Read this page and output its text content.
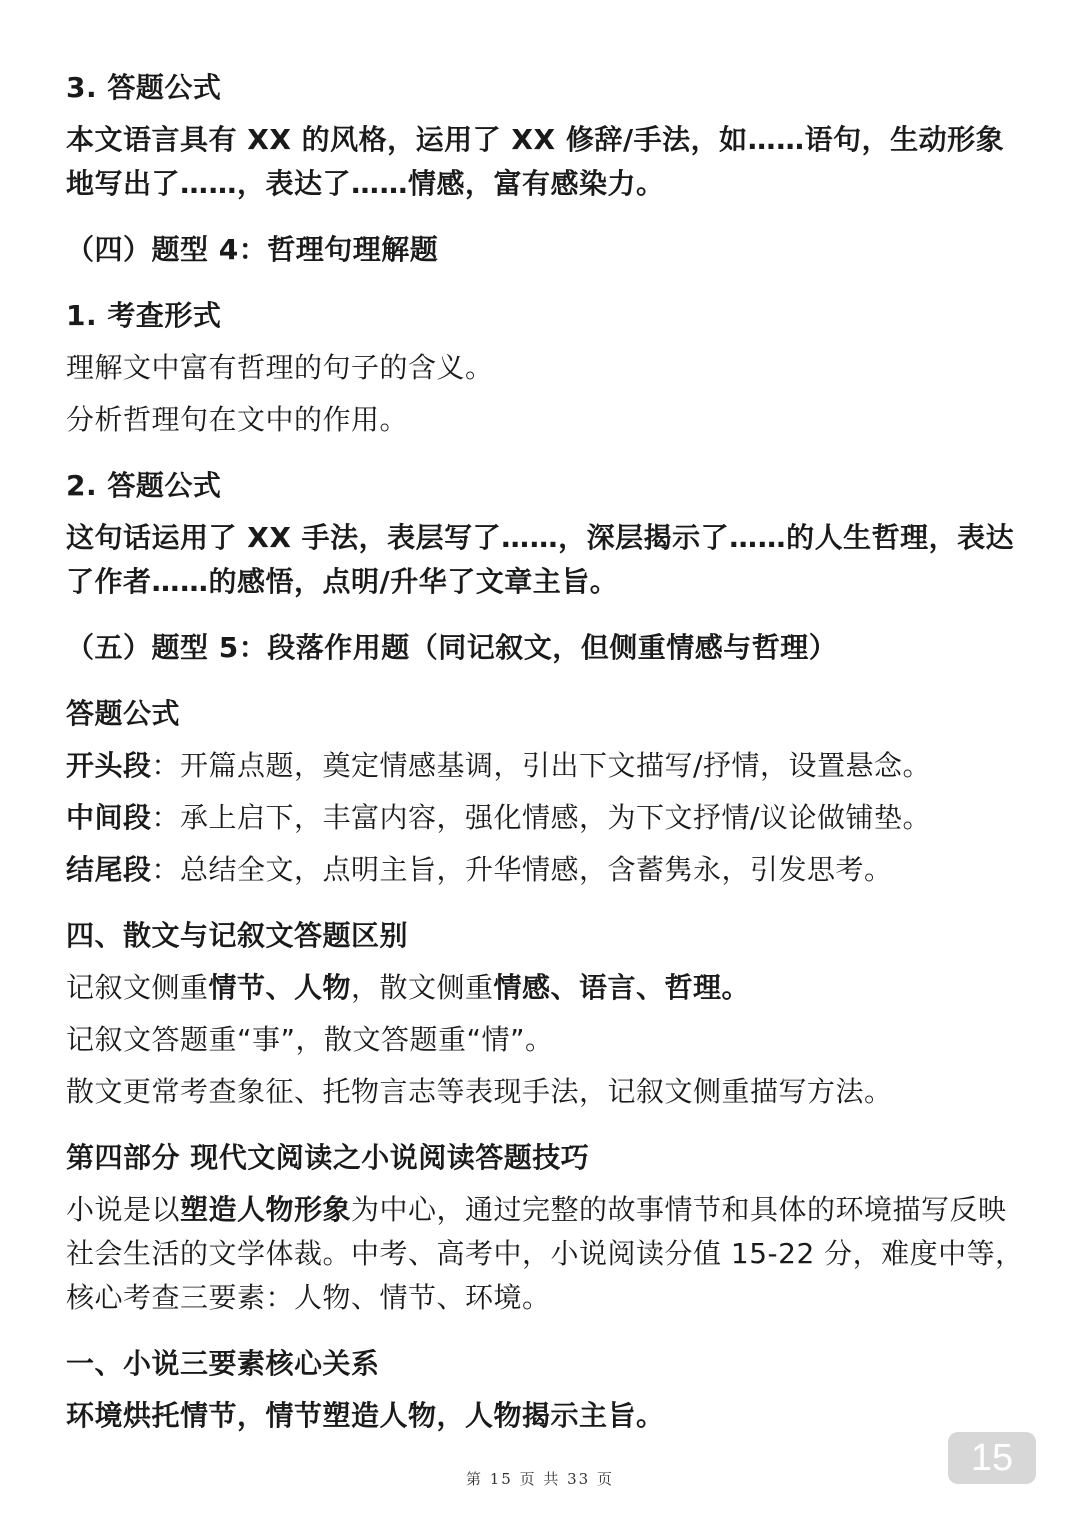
3. 答题公式

本文语言具有 XX 的风格，运用了 XX 修辞/手法，如……语句，生动形象地写出了……，表达了……情感，富有感染力。

（四）题型 4：哲理句理解题

1. 考查形式

理解文中富有哲理的句子的含义。

分析哲理句在文中的作用。

2. 答题公式

这句话运用了 XX 手法，表层写了……，深层揭示了……的人生哲理，表达了作者……的感悟，点明/升华了文章主旨。

（五）题型 5：段落作用题（同记叙文，但侧重情感与哲理）

答题公式

开头段：开篇点题，奠定情感基调，引出下文描写/抒情，设置悬念。

中间段：承上启下，丰富内容，强化情感，为下文抒情/议论做铺垫。

结尾段：总结全文，点明主旨，升华情感，含蓄隽永，引发思考。

四、散文与记叙文答题区别

记叙文侧重情节、人物，散文侧重情感、语言、哲理。

记叙文答题重“事”，散文答题重“情”。

散文更常考查象征、托物言志等表现手法，记叙文侧重描写方法。

第四部分 现代文阅读之小说阅读答题技巧

小说是以塑造人物形象为中心，通过完整的故事情节和具体的环境描写反映社会生活的文学体裁。中考、高考中，小说阅读分值 15-22 分，难度中等，核心考查三要素：人物、情节、环境。

一、小说三要素核心关系

环境烘托情节，情节塑造人物，人物揭示主旨。

15
第 15 页 共 33 页
